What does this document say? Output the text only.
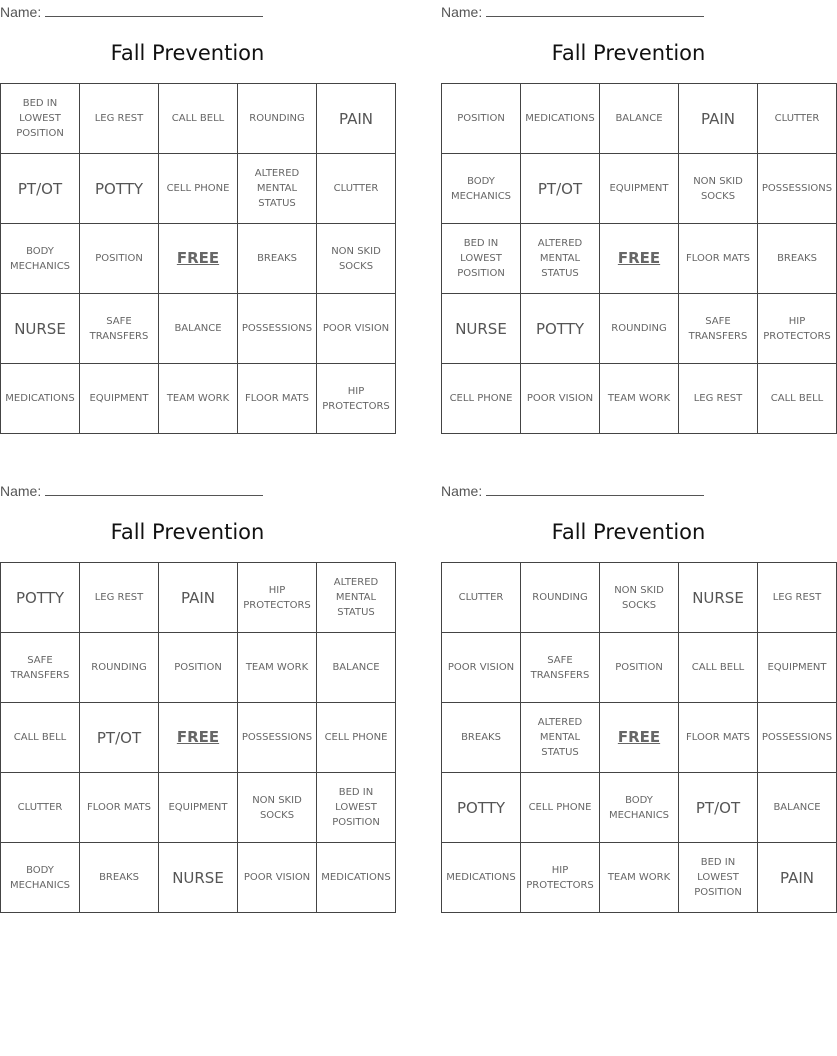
Name:
Fall Prevention
BED IN LOWEST POSITION	LEG REST	CALL BELL	ROUNDING	PAIN
PT/OT	POTTY	CELL PHONE	ALTERED MENTAL STATUS	CLUTTER
BODY MECHANICS	POSITION	FREE	BREAKS	NON SKID SOCKS
NURSE	SAFE TRANSFERS	BALANCE	POSSESSIONS	POOR VISION
MEDICATIONS	EQUIPMENT	TEAM WORK	FLOOR MATS	HIP PROTECTORS
Name:
Fall Prevention
POSITION	MEDICATIONS	BALANCE	PAIN	CLUTTER
BODY MECHANICS	PT/OT	EQUIPMENT	NON SKID SOCKS	POSSESSIONS
BED IN LOWEST POSITION	ALTERED MENTAL STATUS	FREE	FLOOR MATS	BREAKS
NURSE	POTTY	ROUNDING	SAFE TRANSFERS	HIP PROTECTORS
CELL PHONE	POOR VISION	TEAM WORK	LEG REST	CALL BELL
Name:
Fall Prevention
POTTY	LEG REST	PAIN	HIP PROTECTORS	ALTERED MENTAL STATUS
SAFE TRANSFERS	ROUNDING	POSITION	TEAM WORK	BALANCE
CALL BELL	PT/OT	FREE	POSSESSIONS	CELL PHONE
CLUTTER	FLOOR MATS	EQUIPMENT	NON SKID SOCKS	BED IN LOWEST POSITION
BODY MECHANICS	BREAKS	NURSE	POOR VISION	MEDICATIONS
Name:
Fall Prevention
CLUTTER	ROUNDING	NON SKID SOCKS	NURSE	LEG REST
POOR VISION	SAFE TRANSFERS	POSITION	CALL BELL	EQUIPMENT
BREAKS	ALTERED MENTAL STATUS	FREE	FLOOR MATS	POSSESSIONS
POTTY	CELL PHONE	BODY MECHANICS	PT/OT	BALANCE
MEDICATIONS	HIP PROTECTORS	TEAM WORK	BED IN LOWEST POSITION	PAIN
